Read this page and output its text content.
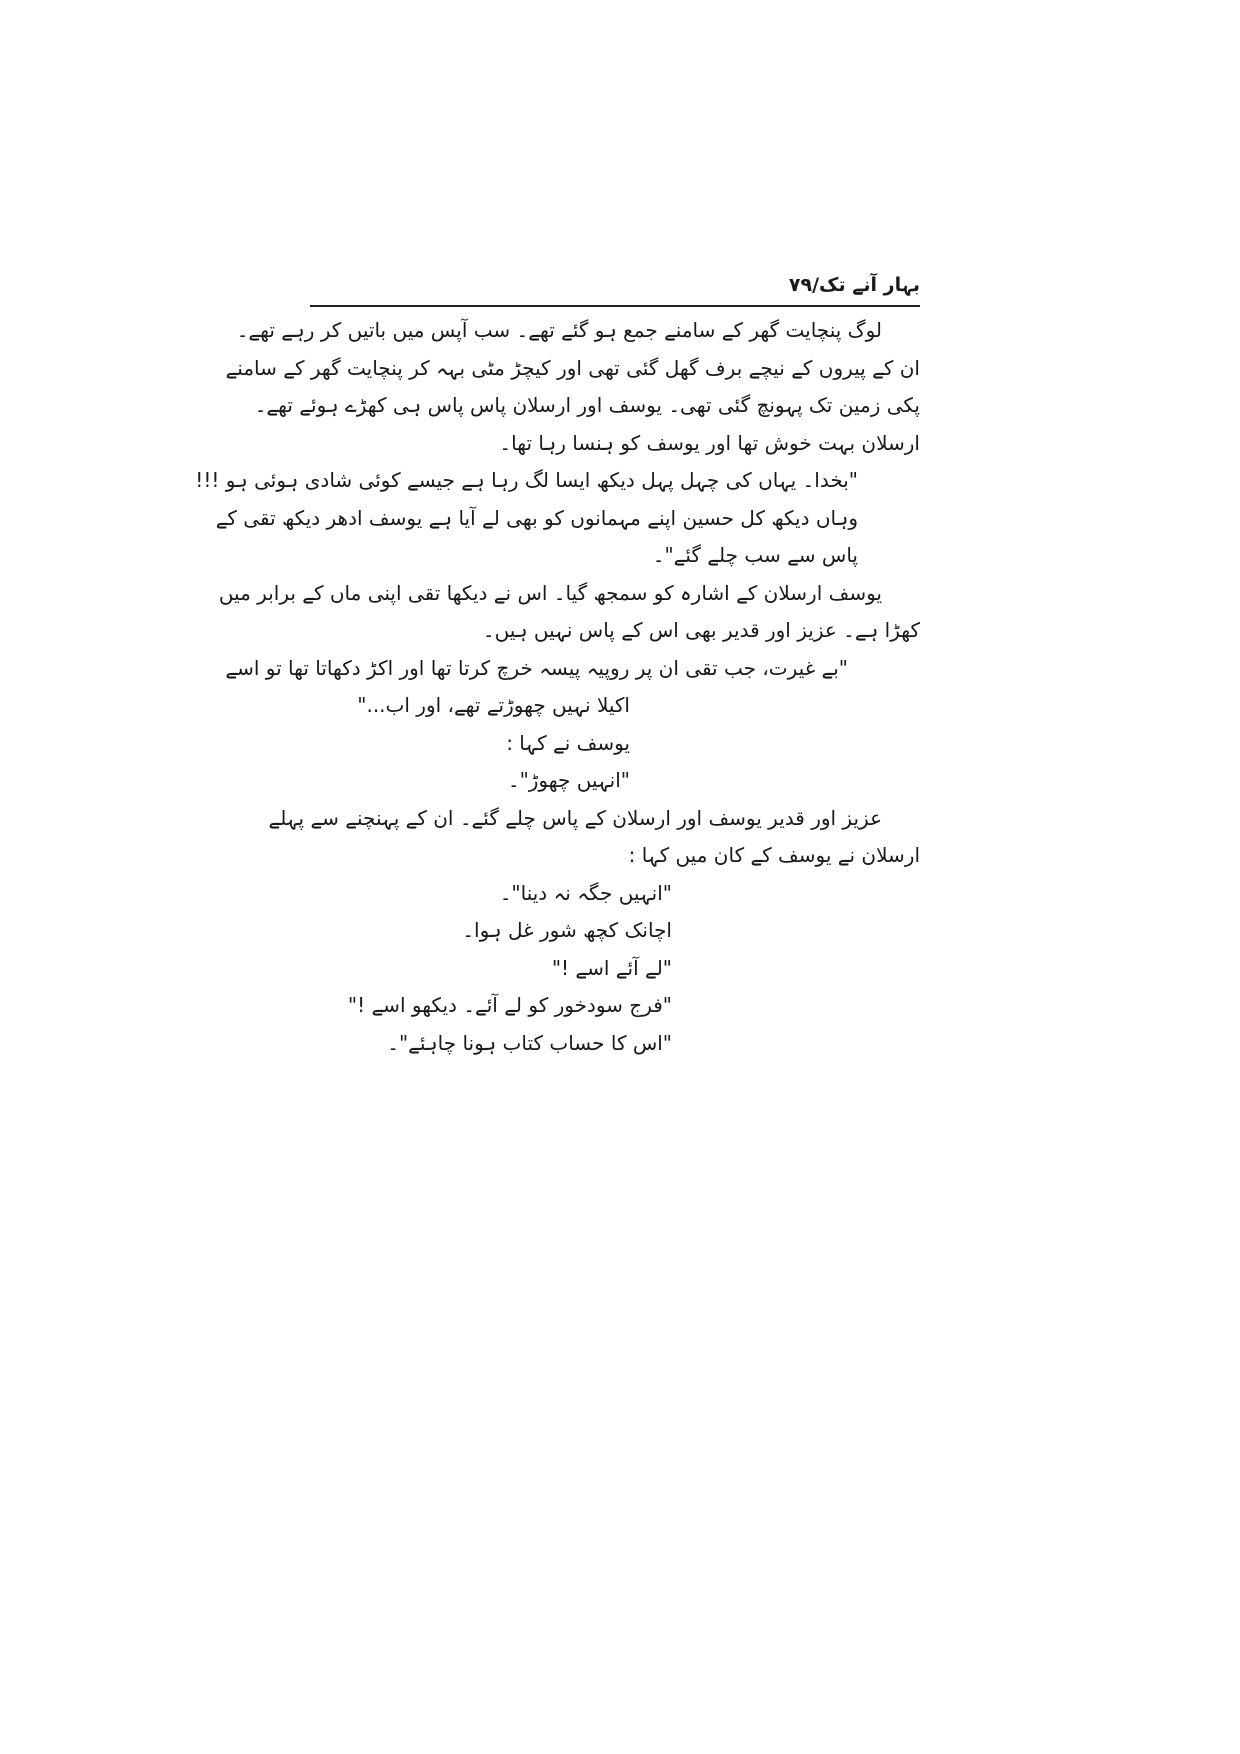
بہار آنے تک/۷۹
لوگ پنچایت گھر کے سامنے جمع ہو گئے تھے۔ سب آپس میں باتیں کر رہے تھے۔
ان کے پیروں کے نیچے برف گھل گئی تھی اور کیچڑ مٹی بہہ کر پنچایت گھر کے سامنے
پکی زمین تک پہونچ گئی تھی۔ یوسف اور ارسلان پاس پاس ہی کھڑے ہوئے تھے۔
ارسلان بہت خوش تھا اور یوسف کو ہنسا رہا تھا۔
"بخدا۔ یہاں کی چہل پہل دیکھ ایسا لگ رہا ہے جیسے کوئی شادی ہوئی ہو !!!
وہاں دیکھ کل حسین اپنے مہمانوں کو بھی لے آیا ہے یوسف ادھر دیکھ تقی کے
پاس سے سب چلے گئے"۔
یوسف ارسلان کے اشارہ کو سمجھ گیا۔ اس نے دیکھا تقی اپنی ماں کے برابر میں
کھڑا ہے۔ عزیز اور قدیر بھی اس کے پاس نہیں ہیں۔
"بے غیرت، جب تقی ان پر روپیہ پیسہ خرچ کرتا تھا اور اکڑ دکھاتا تھا تو اسے
اکیلا نہیں چھوڑتے تھے، اور اب..."
یوسف نے کہا :
"انہیں چھوڑ"۔
عزیز اور قدیر یوسف اور ارسلان کے پاس چلے گئے۔ ان کے پہنچنے سے پہلے
ارسلان نے یوسف کے کان میں کہا :
"انہیں جگہ نہ دینا"۔
اچانک کچھ شور غل ہوا۔
"لے آئے اسے !"
"فرج سودخور کو لے آئے۔ دیکھو اسے !"
"اس کا حساب کتاب ہونا چاہئے"۔
